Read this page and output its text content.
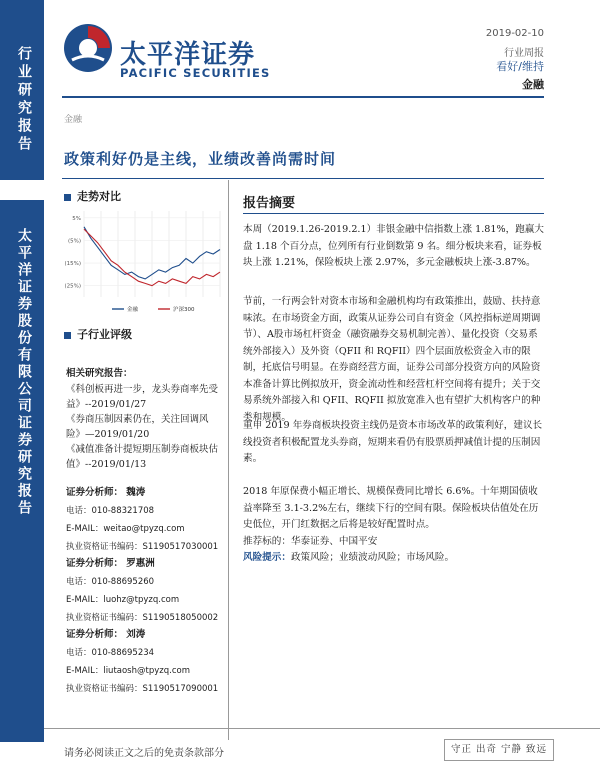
行业研究报告
太平洋证券股份有限公司证券研究报告
太平洋证券
PACIFIC SECURITIES
2019-02-10
行业周报
看好/维持
金融
金融
政策利好仍是主线，业绩改善尚需时间
走势对比
5%
(5%)
(15%)
(25%)
金融	沪深300
子行业评级
相关研究报告：
《科创板再进一步，龙头券商率先受益》--2019/01/27
《券商压制因素仍在，关注回调风险》—2019/01/20
《减值准备计提短期压制券商板块估值》--2019/01/13
证券分析师： 魏涛
电话：010-88321708
E-MAIL：weitao@tpyzq.com
执业资格证书编码：S1190517030001
证券分析师： 罗惠洲
电话：010-88695260
E-MAIL：luohz@tpyzq.com
执业资格证书编码：S1190518050002
证券分析师： 刘涛
电话：010-88695234
E-MAIL：liutaosh@tpyzq.com
执业资格证书编码：S1190517090001
报告摘要
本周（2019.1.26-2019.2.1）非银金融中信指数上涨 1.81%，跑赢大盘 1.18 个百分点，位列所有行业倒数第 9 名。细分板块来看，证券板块上涨 1.21%，保险板块上涨 2.97%，多元金融板块上涨-3.87%。
节前，一行两会针对资本市场和金融机构均有政策推出，鼓励、扶持意味浓。在市场资金方面，政策从证券公司自有资金（风控指标逆周期调节）、A股市场杠杆资金（融资融券交易机制完善）、量化投资（交易系统外部接入）及外资（QFII 和 RQFII）四个层面放松资金入市的限制，托底信号明显。在券商经营方面，证券公司部分投资方向的风险资本准备计算比例拟放开，资金流动性和经营杠杆空间将有提升；关于交易系统外部接入和 QFII、RQFII 拟放宽准入也有望扩大机构客户的种类和规模。
重申 2019 年券商板块投资主线仍是资本市场改革的政策利好，建议长线投资者积极配置龙头券商，短期来看仍有股票质押减值计提的压制因素。
2018 年原保费小幅正增长、规模保费同比增长 6.6%。十年期国债收益率降至 3.1-3.2%左右，继续下行的空间有限。保险板块估值处在历史低位，开门红数据之后将是较好配置时点。
推荐标的：华泰证券、中国平安
风险提示：政策风险；业绩波动风险；市场风险。
请务必阅读正文之后的免责条款部分	守正 出奇 宁静 致远
